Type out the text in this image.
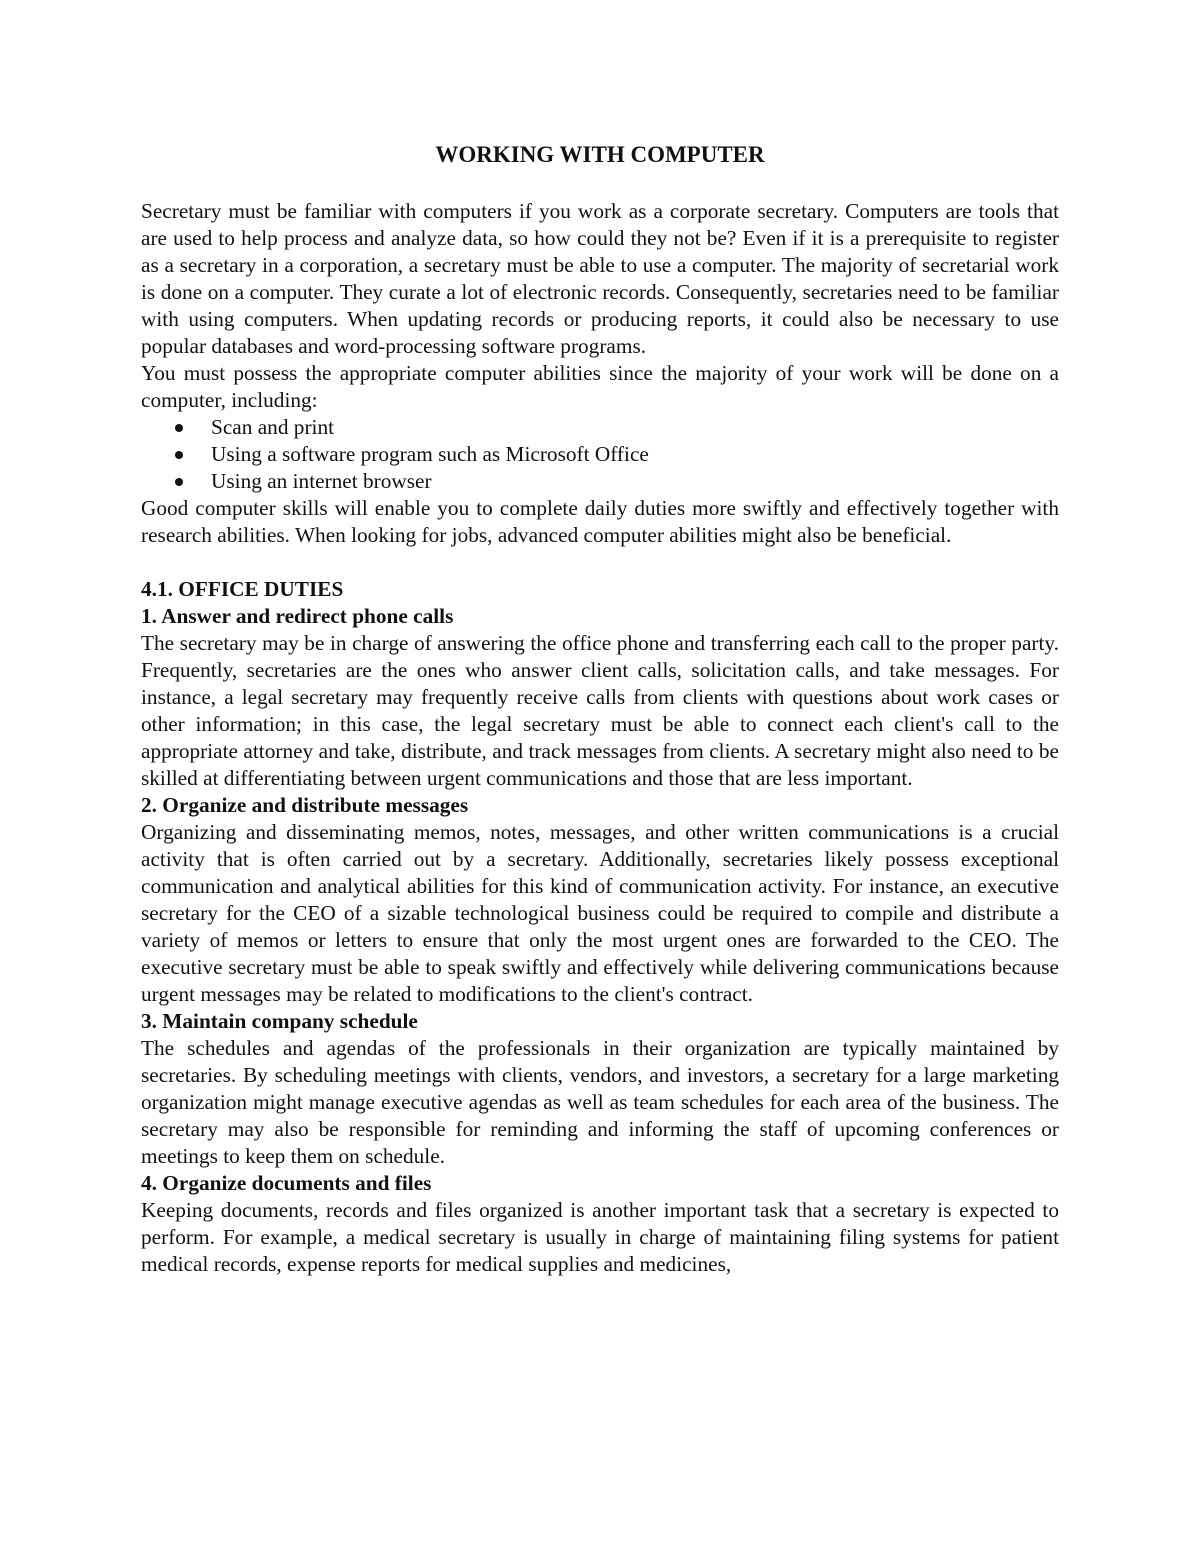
WORKING WITH COMPUTER

Secretary must be familiar with computers if you work as a corporate secretary. Computers are tools that are used to help process and analyze data, so how could they not be? Even if it is a prerequisite to register as a secretary in a corporation, a secretary must be able to use a computer. The majority of secretarial work is done on a computer. They curate a lot of electronic records. Consequently, secretaries need to be familiar with using computers. When updating records or producing reports, it could also be necessary to use popular databases and word-processing software programs.

You must possess the appropriate computer abilities since the majority of your work will be done on a computer, including:

Scan and print
Using a software program such as Microsoft Office
Using an internet browser

Good computer skills will enable you to complete daily duties more swiftly and effectively together with research abilities. When looking for jobs, advanced computer abilities might also be beneficial.

4.1. OFFICE DUTIES

1. Answer and redirect phone calls

The secretary may be in charge of answering the office phone and transferring each call to the proper party. Frequently, secretaries are the ones who answer client calls, solicitation calls, and take messages. For instance, a legal secretary may frequently receive calls from clients with questions about work cases or other information; in this case, the legal secretary must be able to connect each client's call to the appropriate attorney and take, distribute, and track messages from clients. A secretary might also need to be skilled at differentiating between urgent communications and those that are less important.

2. Organize and distribute messages

Organizing and disseminating memos, notes, messages, and other written communications is a crucial activity that is often carried out by a secretary. Additionally, secretaries likely possess exceptional communication and analytical abilities for this kind of communication activity. For instance, an executive secretary for the CEO of a sizable technological business could be required to compile and distribute a variety of memos or letters to ensure that only the most urgent ones are forwarded to the CEO. The executive secretary must be able to speak swiftly and effectively while delivering communications because urgent messages may be related to modifications to the client's contract.

3. Maintain company schedule

The schedules and agendas of the professionals in their organization are typically maintained by secretaries. By scheduling meetings with clients, vendors, and investors, a secretary for a large marketing organization might manage executive agendas as well as team schedules for each area of the business. The secretary may also be responsible for reminding and informing the staff of upcoming conferences or meetings to keep them on schedule.

4. Organize documents and files

Keeping documents, records and files organized is another important task that a secretary is expected to perform. For example, a medical secretary is usually in charge of maintaining filing systems for patient medical records, expense reports for medical supplies and medicines,
